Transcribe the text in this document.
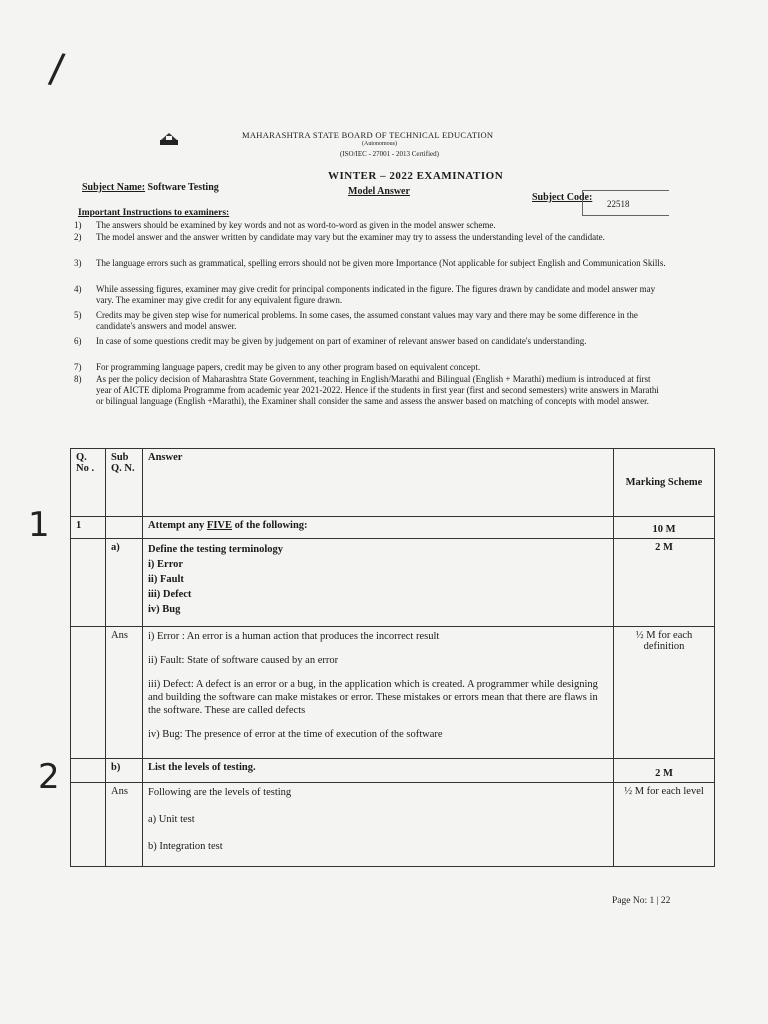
/
1
2
MAHARASHTRA STATE BOARD OF TECHNICAL EDUCATION
(Autonomous)
(ISO/IEC - 27001 - 2013 Certified)
WINTER – 2022 EXAMINATION
Model Answer
Subject Name: Software Testing
Subject Code:
22518
Important Instructions to examiners:
1) The answers should be examined by key words and not as word-to-word as given in the model answer scheme.
2) The model answer and the answer written by candidate may vary but the examiner may try to assess the understanding level of the candidate.
3) The language errors such as grammatical, spelling errors should not be given more Importance (Not applicable for subject English and Communication Skills.
4) While assessing figures, examiner may give credit for principal components indicated in the figure. The figures drawn by candidate and model answer may vary. The examiner may give credit for any equivalent figure drawn.
5) Credits may be given step wise for numerical problems. In some cases, the assumed constant values may vary and there may be some difference in the candidate's answers and model answer.
6) In case of some questions credit may be given by judgement on part of examiner of relevant answer based on candidate's understanding.
7) For programming language papers, credit may be given to any other program based on equivalent concept.
8) As per the policy decision of Maharashtra State Government, teaching in English/Marathi and Bilingual (English + Marathi) medium is introduced at first year of AICTE diploma Programme from academic year 2021-2022. Hence if the students in first year (first and second semesters) write answers in Marathi or bilingual language (English +Marathi), the Examiner shall consider the same and assess the answer based on matching of concepts with model answer.
Q. No .	Sub Q. N.	Answer	Marking Scheme
1		Attempt any FIVE of the following:	10 M
	a)	Define the testing terminology
i) Error
ii) Fault
iii) Defect
iv) Bug	2 M
	Ans	i) Error : An error is a human action that produces the incorrect result

ii) Fault: State of software caused by an error

iii) Defect: A defect is an error or a bug, in the application which is created. A programmer while designing and building the software can make mistakes or error. These mistakes or errors mean that there are flaws in the software. These are called defects

iv) Bug: The presence of error at the time of execution of the software	½ M for each definition
	b)	List the levels of testing.	2 M
	Ans	Following are the levels of testing

a) Unit test

b) Integration test	½ M for each level
Page No: 1 | 22
